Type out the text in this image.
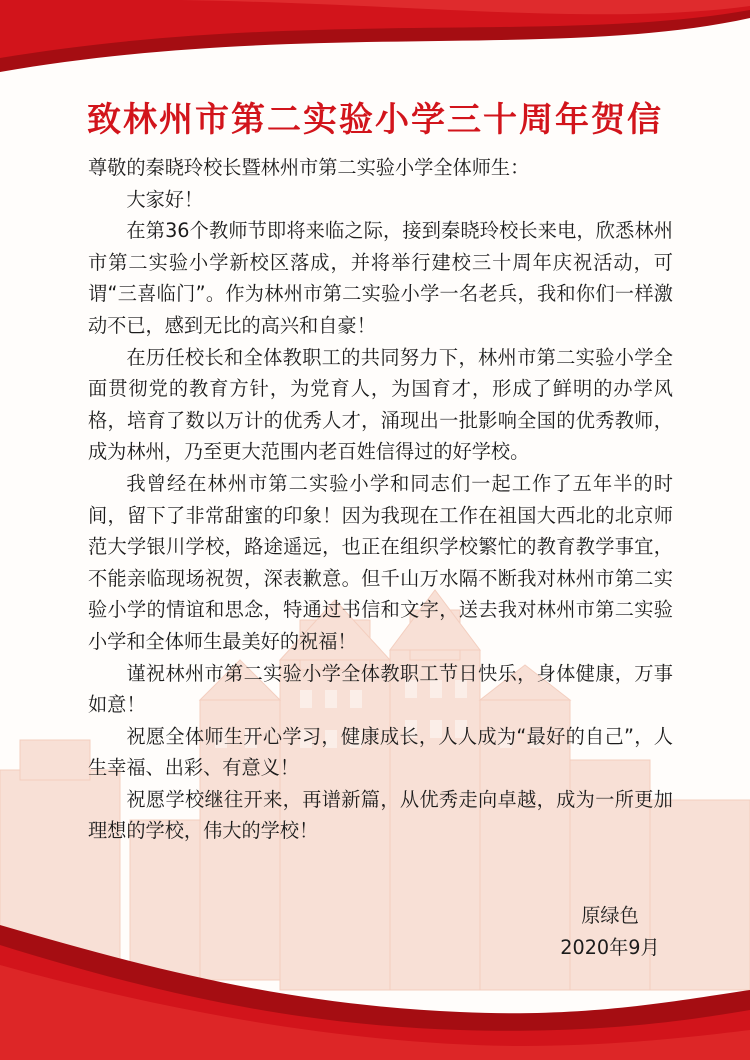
致林州市第二实验小学三十周年贺信

尊敬的秦晓玲校长暨林州市第二实验小学全体师生：

大家好！

在第36个教师节即将来临之际，接到秦晓玲校长来电，欣悉林州市第二实验小学新校区落成，并将举行建校三十周年庆祝活动，可谓“三喜临门”。作为林州市第二实验小学一名老兵，我和你们一样激动不已，感到无比的高兴和自豪！

在历任校长和全体教职工的共同努力下，林州市第二实验小学全面贯彻党的教育方针，为党育人，为国育才，形成了鲜明的办学风格，培育了数以万计的优秀人才，涌现出一批影响全国的优秀教师，成为林州，乃至更大范围内老百姓信得过的好学校。

我曾经在林州市第二实验小学和同志们一起工作了五年半的时间，留下了非常甜蜜的印象！因为我现在工作在祖国大西北的北京师范大学银川学校，路途遥远，也正在组织学校繁忙的教育教学事宜，不能亲临现场祝贺，深表歉意。但千山万水隔不断我对林州市第二实验小学的情谊和思念，特通过书信和文字，送去我对林州市第二实验小学和全体师生最美好的祝福！

谨祝林州市第二实验小学全体教职工节日快乐，身体健康，万事如意！

祝愿全体师生开心学习，健康成长，人人成为“最好的自己”，人生幸福、出彩、有意义！

祝愿学校继往开来，再谱新篇，从优秀走向卓越，成为一所更加理想的学校，伟大的学校！

原绿色
2020年9月
